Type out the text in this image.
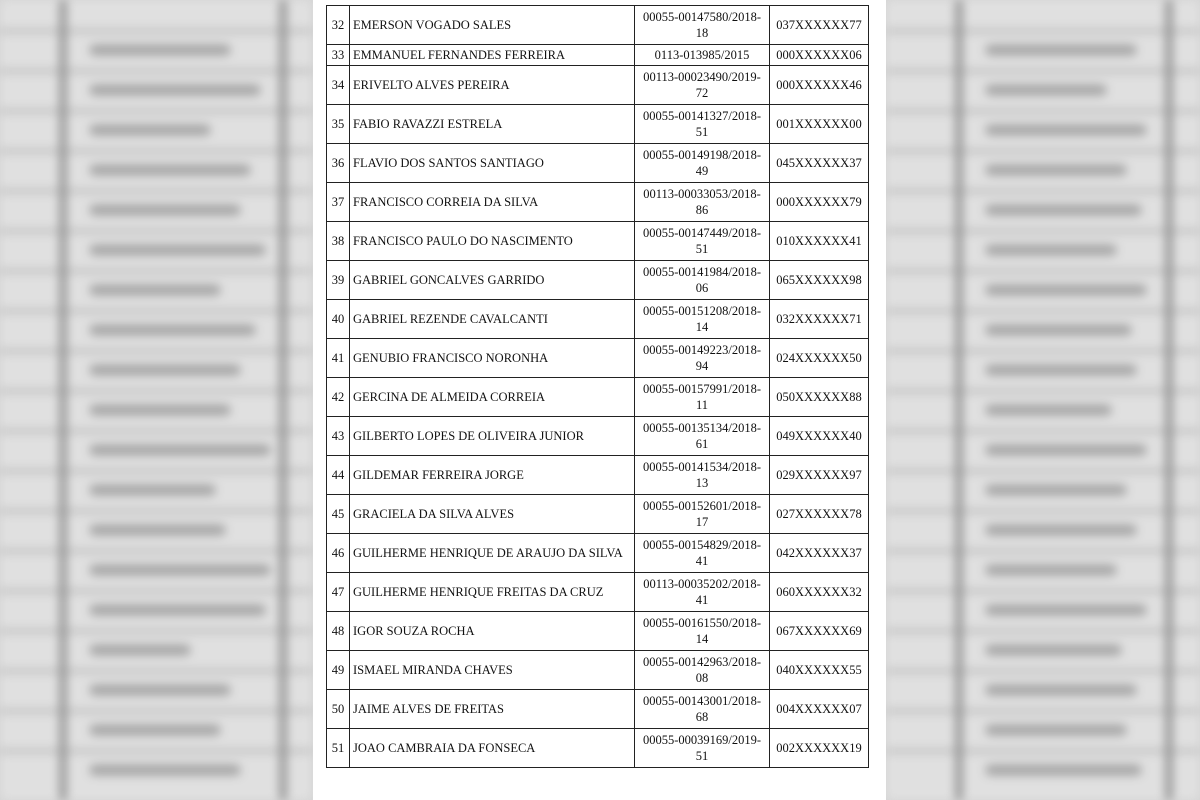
32	EMERSON VOGADO SALES	00055-00147580/2018-18	037XXXXXX77
33	EMMANUEL FERNANDES FERREIRA	0113-013985/2015	000XXXXXX06
34	ERIVELTO ALVES PEREIRA	00113-00023490/2019-72	000XXXXXX46
35	FABIO RAVAZZI ESTRELA	00055-00141327/2018-51	001XXXXXX00
36	FLAVIO DOS SANTOS SANTIAGO	00055-00149198/2018-49	045XXXXXX37
37	FRANCISCO CORREIA DA SILVA	00113-00033053/2018-86	000XXXXXX79
38	FRANCISCO PAULO DO NASCIMENTO	00055-00147449/2018-51	010XXXXXX41
39	GABRIEL GONCALVES GARRIDO	00055-00141984/2018-06	065XXXXXX98
40	GABRIEL REZENDE CAVALCANTI	00055-00151208/2018-14	032XXXXXX71
41	GENUBIO FRANCISCO NORONHA	00055-00149223/2018-94	024XXXXXX50
42	GERCINA DE ALMEIDA CORREIA	00055-00157991/2018-11	050XXXXXX88
43	GILBERTO LOPES DE OLIVEIRA JUNIOR	00055-00135134/2018-61	049XXXXXX40
44	GILDEMAR FERREIRA JORGE	00055-00141534/2018-13	029XXXXXX97
45	GRACIELA DA SILVA ALVES	00055-00152601/2018-17	027XXXXXX78
46	GUILHERME HENRIQUE DE ARAUJO DA SILVA	00055-00154829/2018-41	042XXXXXX37
47	GUILHERME HENRIQUE FREITAS DA CRUZ	00113-00035202/2018-41	060XXXXXX32
48	IGOR SOUZA ROCHA	00055-00161550/2018-14	067XXXXXX69
49	ISMAEL MIRANDA CHAVES	00055-00142963/2018-08	040XXXXXX55
50	JAIME ALVES DE FREITAS	00055-00143001/2018-68	004XXXXXX07
51	JOAO CAMBRAIA DA FONSECA	00055-00039169/2019-51	002XXXXXX19
